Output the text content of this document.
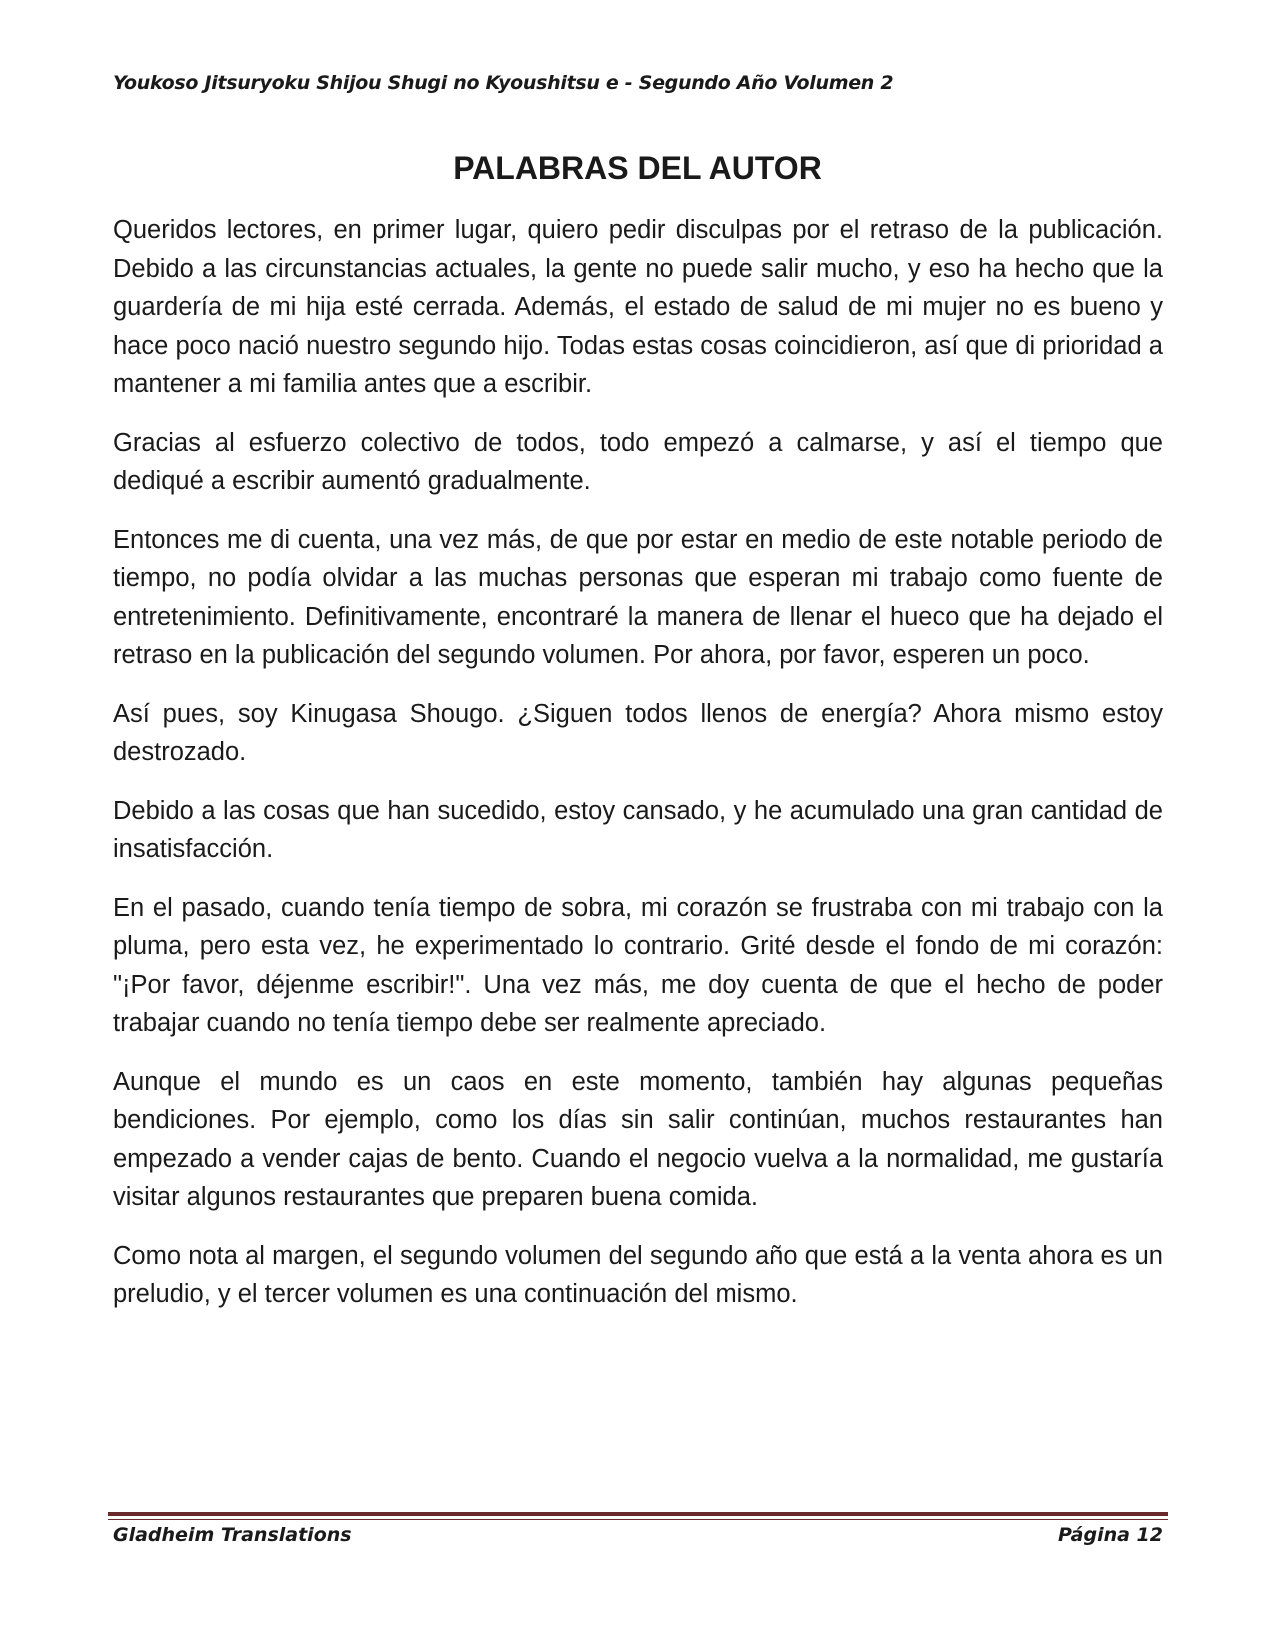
Youkoso Jitsuryoku Shijou Shugi no Kyoushitsu e - Segundo Año Volumen 2
PALABRAS DEL AUTOR

Queridos lectores, en primer lugar, quiero pedir disculpas por el retraso de la publicación. Debido a las circunstancias actuales, la gente no puede salir mucho, y eso ha hecho que la guardería de mi hija esté cerrada. Además, el estado de salud de mi mujer no es bueno y hace poco nació nuestro segundo hijo. Todas estas cosas coincidieron, así que di prioridad a mantener a mi familia antes que a escribir.

Gracias al esfuerzo colectivo de todos, todo empezó a calmarse, y así el tiempo que dediqué a escribir aumentó gradualmente.

Entonces me di cuenta, una vez más, de que por estar en medio de este notable periodo de tiempo, no podía olvidar a las muchas personas que esperan mi trabajo como fuente de entretenimiento. Definitivamente, encontraré la manera de llenar el hueco que ha dejado el retraso en la publicación del segundo volumen. Por ahora, por favor, esperen un poco.

Así pues, soy Kinugasa Shougo. ¿Siguen todos llenos de energía? Ahora mismo estoy destrozado.

Debido a las cosas que han sucedido, estoy cansado, y he acumulado una gran cantidad de insatisfacción.

En el pasado, cuando tenía tiempo de sobra, mi corazón se frustraba con mi trabajo con la pluma, pero esta vez, he experimentado lo contrario. Grité desde el fondo de mi corazón: "¡Por favor, déjenme escribir!". Una vez más, me doy cuenta de que el hecho de poder trabajar cuando no tenía tiempo debe ser realmente apreciado.

Aunque el mundo es un caos en este momento, también hay algunas pequeñas bendiciones. Por ejemplo, como los días sin salir continúan, muchos restaurantes han empezado a vender cajas de bento. Cuando el negocio vuelva a la normalidad, me gustaría visitar algunos restaurantes que preparen buena comida.

Como nota al margen, el segundo volumen del segundo año que está a la venta ahora es un preludio, y el tercer volumen es una continuación del mismo.

Gladheim Translations	Página 12
